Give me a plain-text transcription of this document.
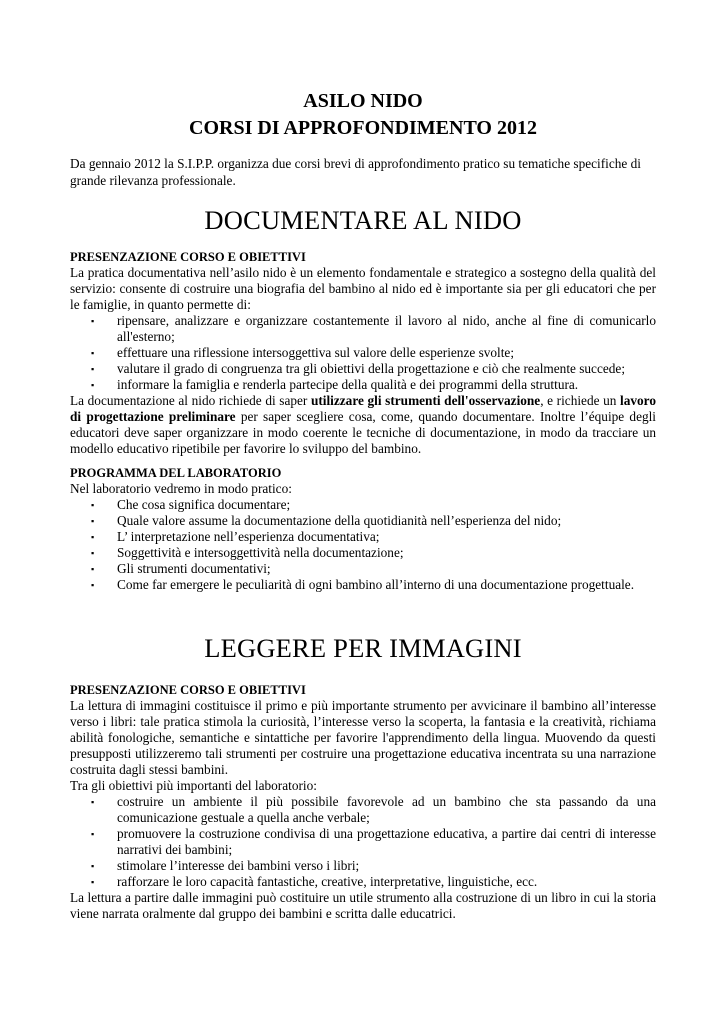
ASILO NIDO
CORSI DI APPROFONDIMENTO 2012
Da gennaio 2012 la S.I.P.P. organizza due corsi brevi di approfondimento pratico su tematiche specifiche di grande rilevanza professionale.
DOCUMENTARE AL NIDO
PRESENZAZIONE CORSO E OBIETTIVI
La pratica documentativa nell’asilo nido è un elemento fondamentale e strategico a sostegno della qualità del servizio: consente di costruire una biografia del bambino al nido ed è importante sia per gli educatori che per le famiglie, in quanto permette di:
▪ ripensare, analizzare e organizzare costantemente il lavoro al nido, anche al fine di comunicarlo all'esterno;
▪ effettuare una riflessione intersoggettiva sul valore delle esperienze svolte;
▪ valutare il grado di congruenza tra gli obiettivi della progettazione e ciò che realmente succede;
▪ informare la famiglia e renderla partecipe della qualità e dei programmi della struttura.
La documentazione al nido richiede di saper utilizzare gli strumenti dell'osservazione, e richiede un lavoro di progettazione preliminare per saper scegliere cosa, come, quando documentare. Inoltre l’équipe degli educatori deve saper organizzare in modo coerente le tecniche di documentazione, in modo da tracciare un modello educativo ripetibile per favorire lo sviluppo del bambino.
PROGRAMMA DEL LABORATORIO
Nel laboratorio vedremo in modo pratico:
▪ Che cosa significa documentare;
▪ Quale valore assume la documentazione della quotidianità nell’esperienza del nido;
▪ L’ interpretazione nell’esperienza documentativa;
▪ Soggettività e intersoggettività nella documentazione;
▪ Gli strumenti documentativi;
▪ Come far emergere le peculiarità di ogni bambino all’interno di una documentazione progettuale.
LEGGERE PER IMMAGINI
PRESENZAZIONE CORSO E OBIETTIVI
La lettura di immagini costituisce il primo e più importante strumento per avvicinare il bambino all’interesse verso i libri: tale pratica stimola la curiosità, l’interesse verso la scoperta, la fantasia e la creatività, richiama abilità fonologiche, semantiche e sintattiche per favorire l'apprendimento della lingua. Muovendo da questi presupposti utilizzeremo tali strumenti per costruire una progettazione educativa incentrata su una narrazione costruita dagli stessi bambini.
Tra gli obiettivi più importanti del laboratorio:
▪ costruire un ambiente il più possibile favorevole ad un bambino che sta passando da una comunicazione gestuale a quella anche verbale;
▪ promuovere la costruzione condivisa di una progettazione educativa, a partire dai centri di interesse narrativi dei bambini;
▪ stimolare l’interesse dei bambini verso i libri;
▪ rafforzare le loro capacità fantastiche, creative, interpretative, linguistiche, ecc.
La lettura a partire dalle immagini può costituire un utile strumento alla costruzione di un libro in cui la storia viene narrata oralmente dal gruppo dei bambini e scritta dalle educatrici.
